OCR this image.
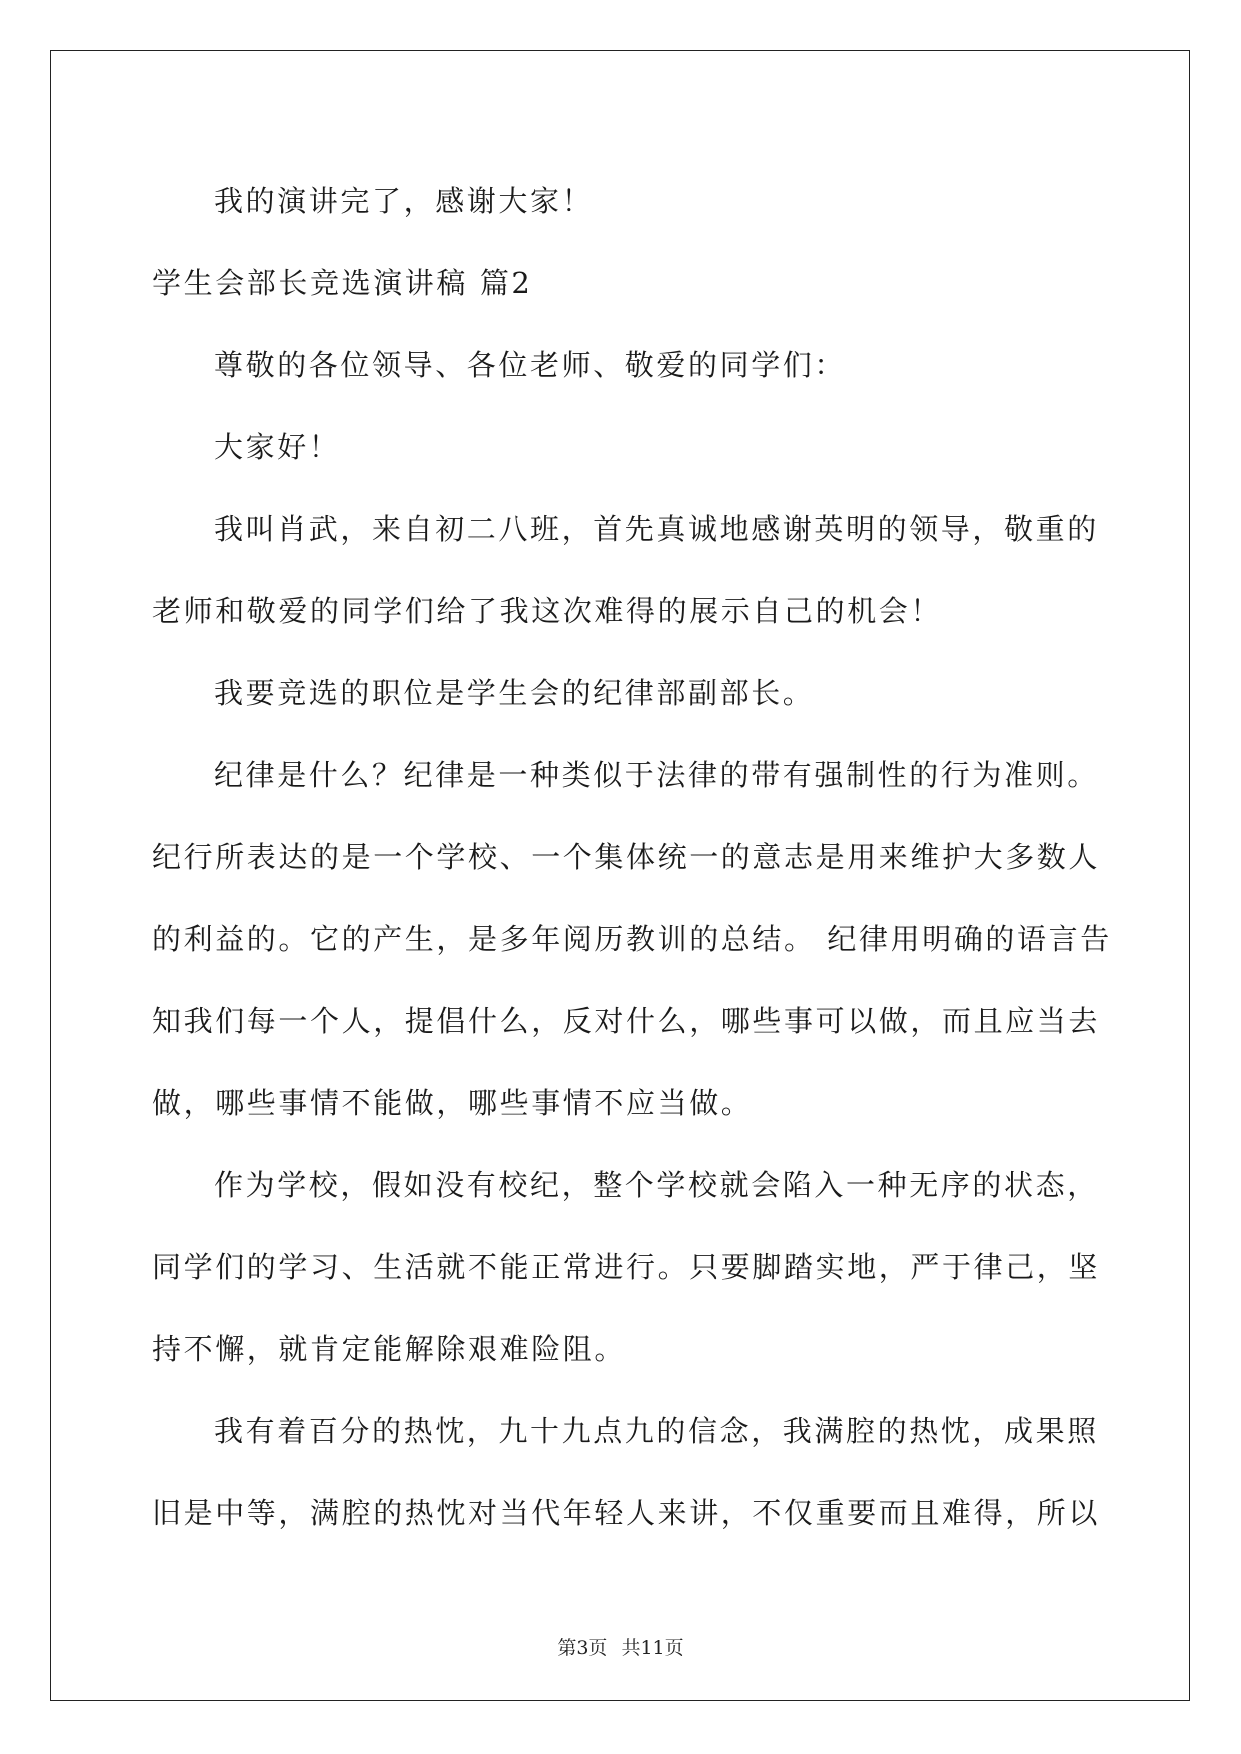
我的演讲完了，感谢大家！
学生会部长竞选演讲稿 篇2
尊敬的各位领导、各位老师、敬爱的同学们：
大家好！
我叫肖武，来自初二八班，首先真诚地感谢英明的领导，敬重的
老师和敬爱的同学们给了我这次难得的展示自己的机会！
我要竞选的职位是学生会的纪律部副部长。
纪律是什么？纪律是一种类似于法律的带有强制性的行为准则。
纪行所表达的是一个学校、一个集体统一的意志是用来维护大多数人
的利益的。它的产生，是多年阅历教训的总结。 纪律用明确的语言告
知我们每一个人，提倡什么，反对什么，哪些事可以做，而且应当去
做，哪些事情不能做，哪些事情不应当做。
作为学校，假如没有校纪，整个学校就会陷入一种无序的状态，
同学们的学习、生活就不能正常进行。只要脚踏实地，严于律己，坚
持不懈，就肯定能解除艰难险阻。
我有着百分的热忱，九十九点九的信念，我满腔的热忱，成果照
旧是中等，满腔的热忱对当代年轻人来讲，不仅重要而且难得，所以
第3页 共11页
